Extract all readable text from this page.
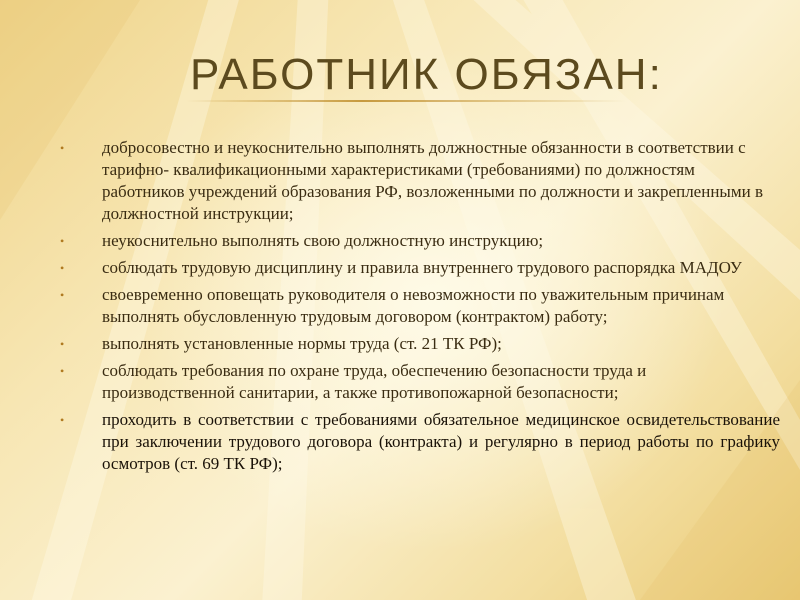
РАБОТНИК ОБЯЗАН:
•	добросовестно и неукоснительно выполнять должностные обязанности в соответствии с тарифно- квалификационными характеристиками (требованиями) по должностям работников учреждений образования РФ, возложенными по должности и закрепленными в должностной инструкции;
•	неукоснительно выполнять свою должностную инструкцию;
•	соблюдать трудовую дисциплину и правила внутреннего трудового распорядка МАДОУ
•	своевременно оповещать руководителя о невозможности по уважительным причинам выполнять обусловленную трудовым договором (контрактом) работу;
•	выполнять установленные нормы труда (ст. 21 ТК РФ);
•	соблюдать требования по охране труда, обеспечению безопасности труда и производственной санитарии, а также противопожарной безопасности;
•	проходить в соответствии с требованиями обязательное медицинское освидетельствование при заключении трудового договора (контракта) и регулярно в период работы по графику осмотров (ст. 69 ТК РФ);
